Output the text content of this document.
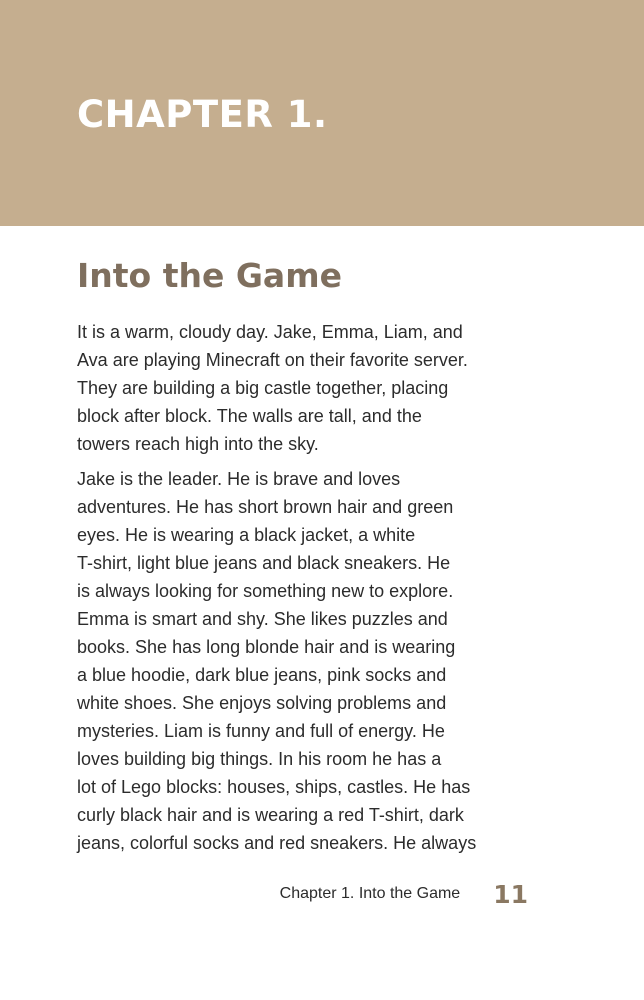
CHAPTER 1.
Into the Game

It is a warm, cloudy day. Jake, Emma, Liam, and
Ava are playing Minecraft on their favorite server.
They are building a big castle together, placing
block after block. The walls are tall, and the
towers reach high into the sky.

Jake is the leader. He is brave and loves
adventures. He has short brown hair and green
eyes. He is wearing a black jacket, a white
T-shirt, light blue jeans and black sneakers. He
is always looking for something new to explore.
Emma is smart and shy. She likes puzzles and
books. She has long blonde hair and is wearing
a blue hoodie, dark blue jeans, pink socks and
white shoes. She enjoys solving problems and
mysteries. Liam is funny and full of energy. He
loves building big things. In his room he has a
lot of Lego blocks: houses, ships, castles. He has
curly black hair and is wearing a red T-shirt, dark
jeans, colorful socks and red sneakers. He always

Chapter 1. Into the Game 11
